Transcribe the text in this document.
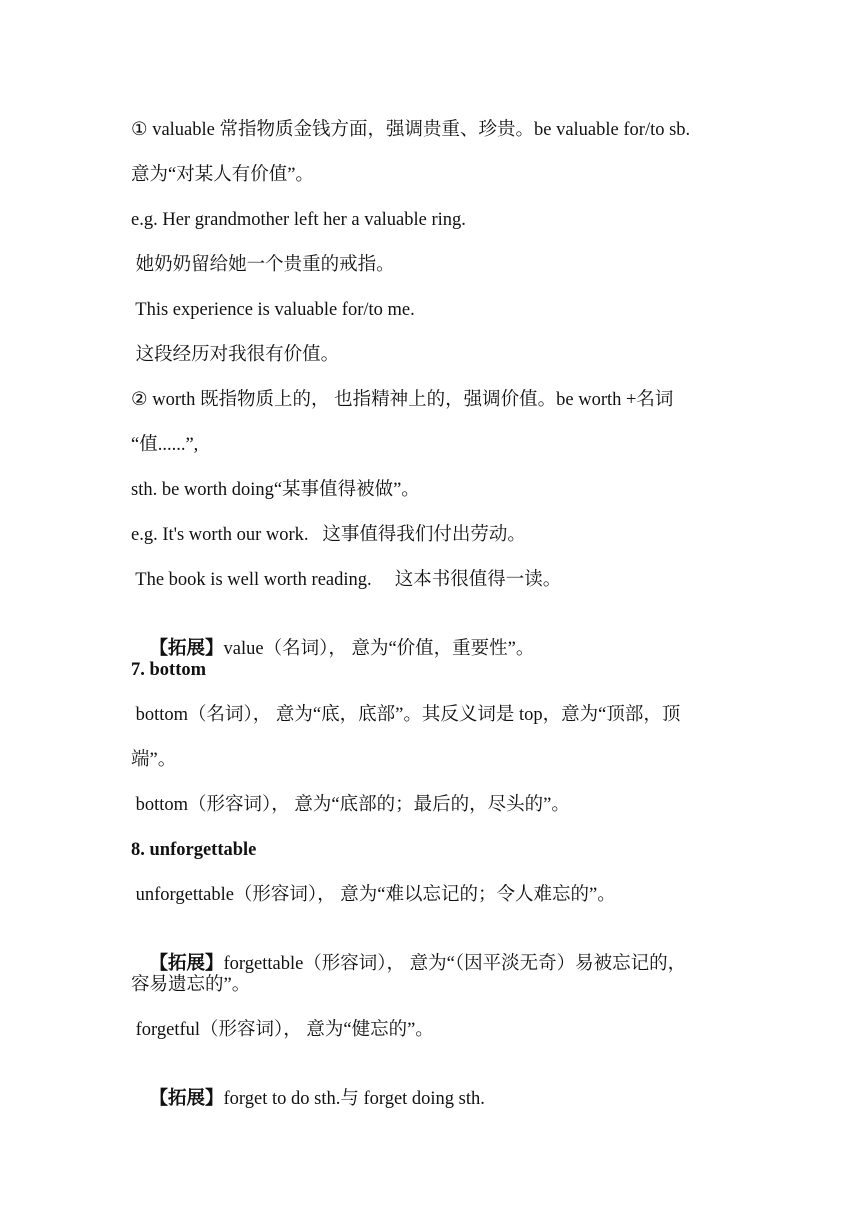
① valuable 常指物质金钱方面，强调贵重、珍贵。be valuable for/to sb.
意为“对某人有价值”。
e.g. Her grandmother left her a valuable ring.
她奶奶留给她一个贵重的戒指。
This experience is valuable for/to me.
这段经历对我很有价值。
② worth 既指物质上的， 也指精神上的，强调价值。be worth +名词
“值......”,
sth. be worth doing“某事值得被做”。
e.g. It's worth our work.   这事值得我们付出劳动。
The book is well worth reading.     这本书很值得一读。

【拓展】value（名词）， 意为“价值，重要性”。

7. bottom
bottom（名词）， 意为“底，底部”。其反义词是 top，意为“顶部，顶
端”。
bottom（形容词）， 意为“底部的；最后的，尽头的”。
8. unforgettable
unforgettable（形容词）， 意为“难以忘记的；令人难忘的”。

【拓展】forgettable（形容词）， 意为“（因平淡无奇）易被忘记的，

容易遗忘的”。
forgetful（形容词）， 意为“健忘的”。

【拓展】forget to do sth.与 forget doing sth.
